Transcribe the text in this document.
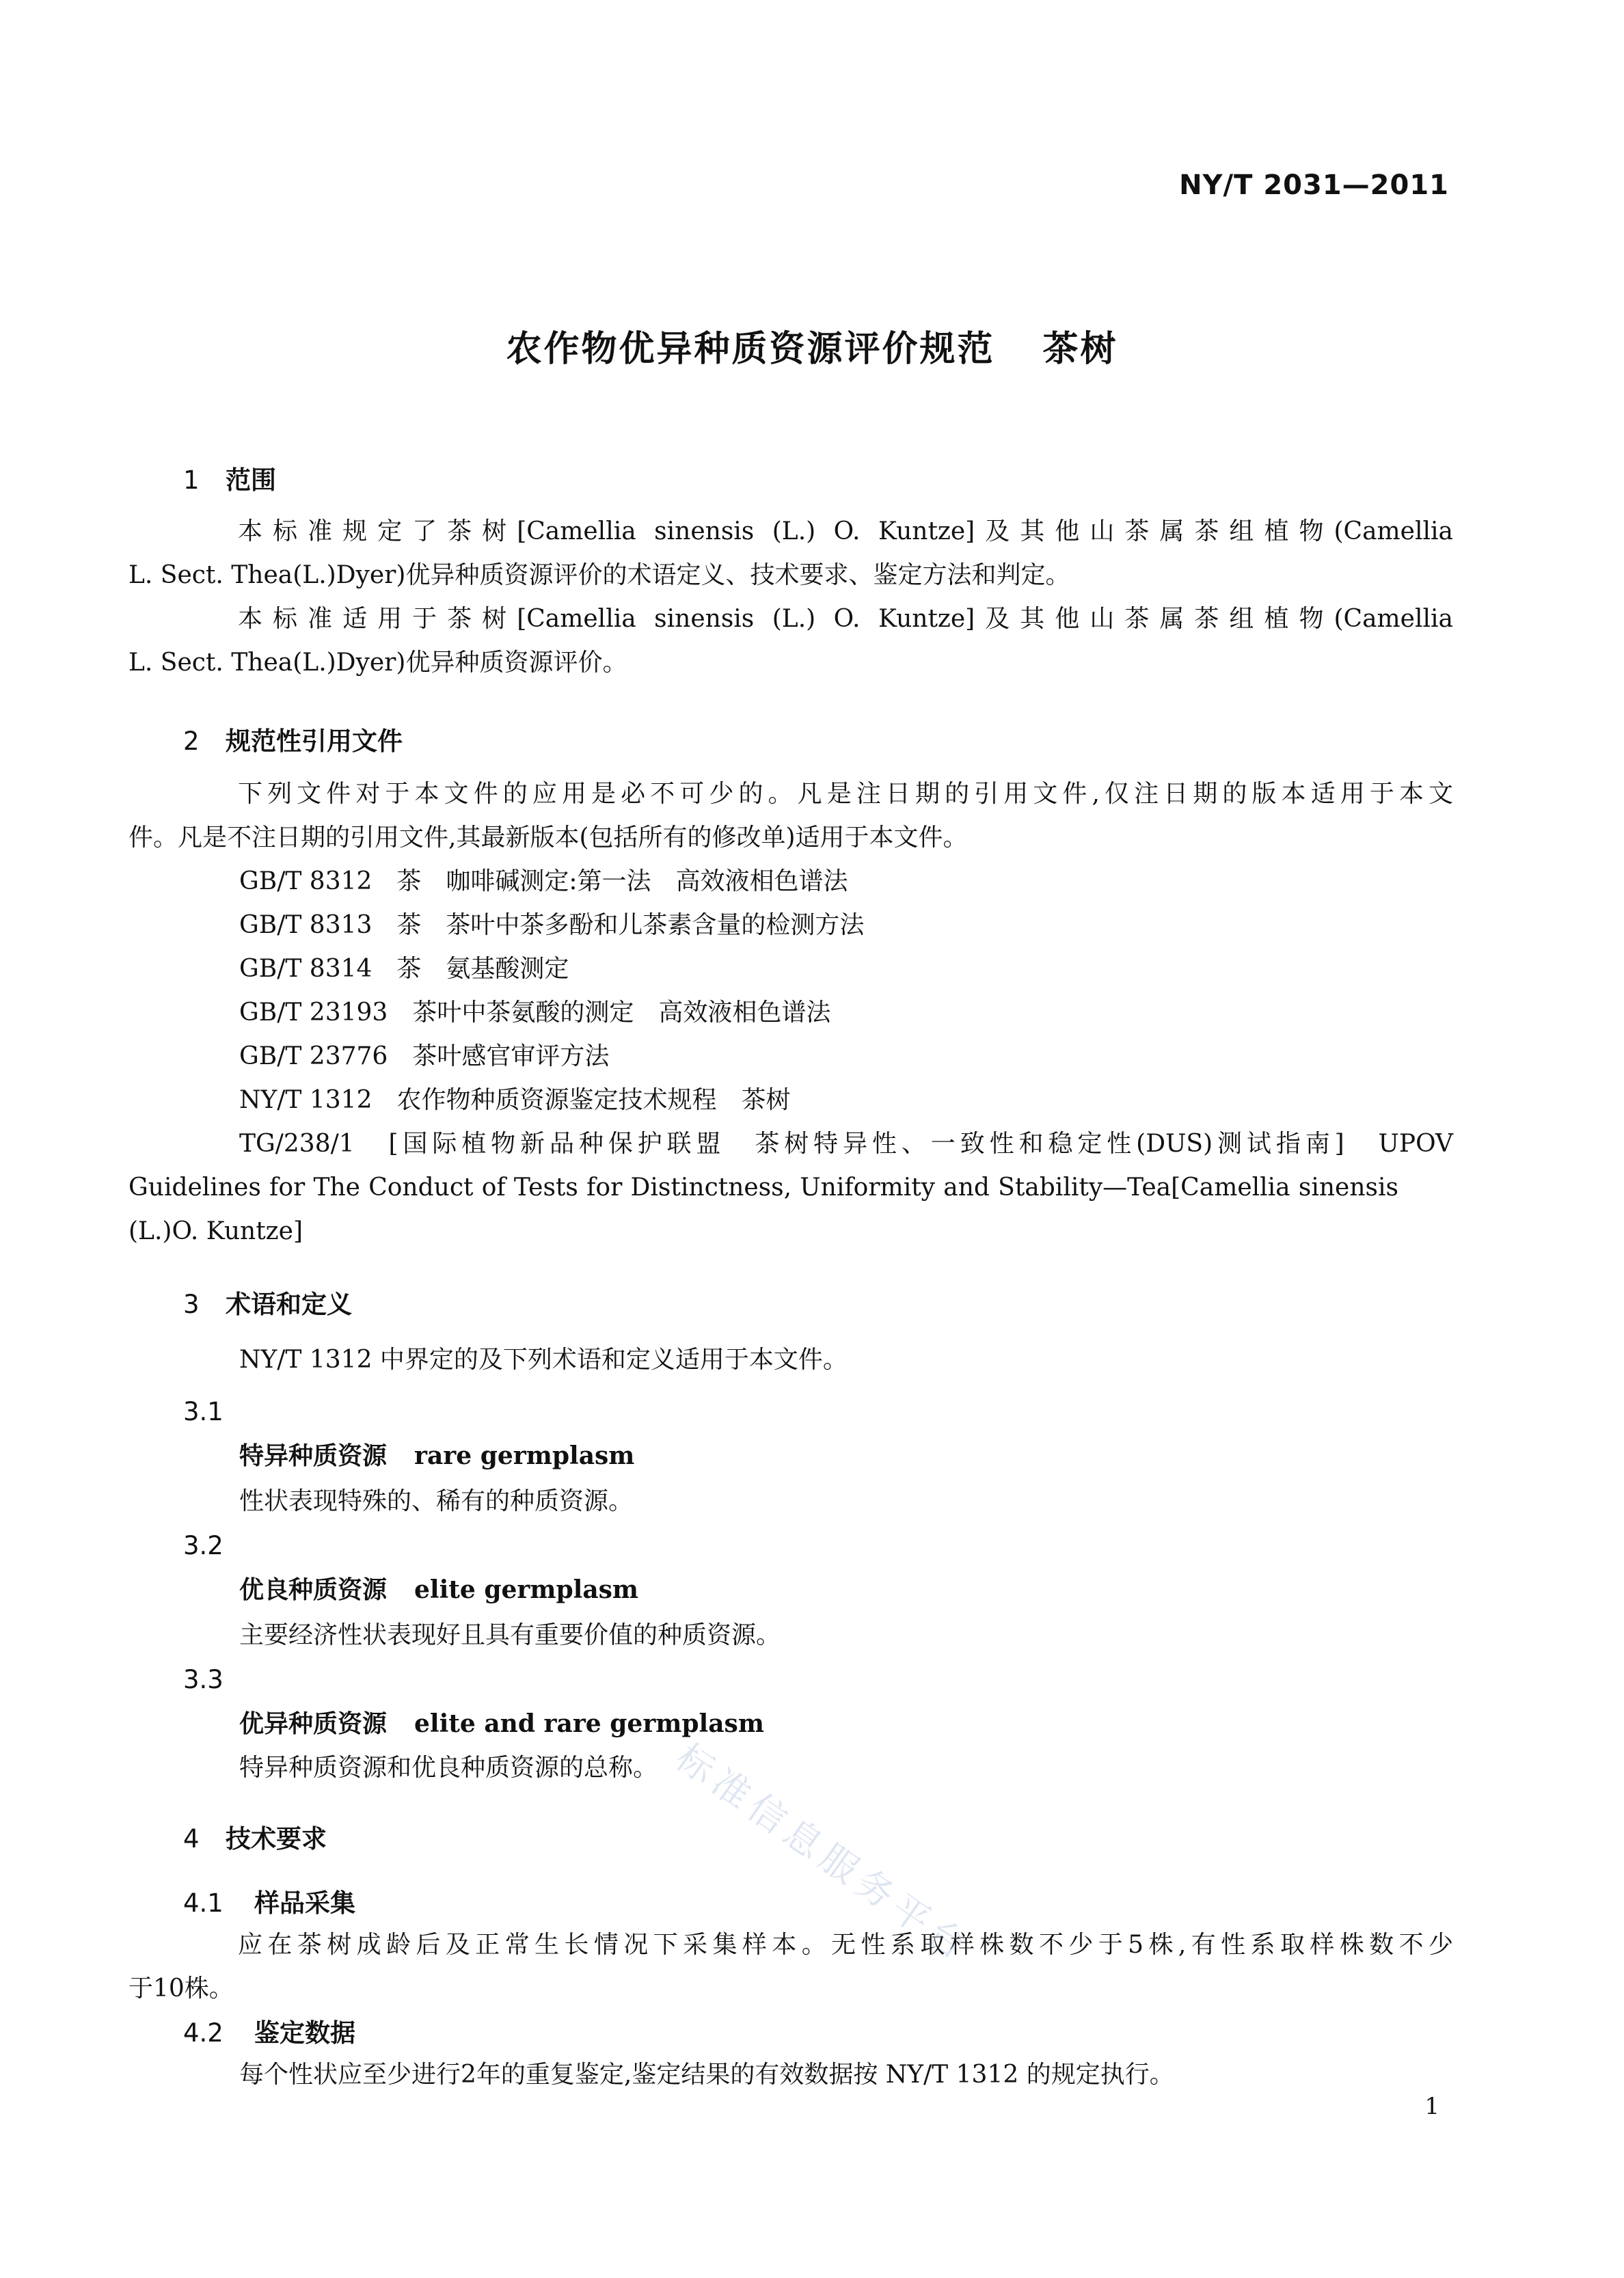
NY/T 2031—2011
农作物优异种质资源评价规范 茶树
1 范围
本标准规定了茶树[Camellia sinensis (L.) O. Kuntze]及其他山茶属茶组植物(Camellia
L. Sect. Thea(L.)Dyer)优异种质资源评价的术语定义、技术要求、鉴定方法和判定。
本标准适用于茶树[Camellia sinensis (L.) O. Kuntze]及其他山茶属茶组植物(Camellia
L. Sect. Thea(L.)Dyer)优异种质资源评价。
2 规范性引用文件
下列文件对于本文件的应用是必不可少的。凡是注日期的引用文件,仅注日期的版本适用于本文
件。凡是不注日期的引用文件,其最新版本(包括所有的修改单)适用于本文件。
GB/T 8312　茶　咖啡碱测定:第一法　高效液相色谱法
GB/T 8313　茶　茶叶中茶多酚和儿茶素含量的检测方法
GB/T 8314　茶　氨基酸测定
GB/T 23193　茶叶中茶氨酸的测定　高效液相色谱法
GB/T 23776　茶叶感官审评方法
NY/T 1312　农作物种质资源鉴定技术规程　茶树
TG/238/1　[国际植物新品种保护联盟　茶树特异性、一致性和稳定性(DUS)测试指南]　UPOV
Guidelines for The Conduct of Tests for Distinctness, Uniformity and Stability—Tea[Camellia sinensis
(L.)O. Kuntze]
3 术语和定义
NY/T 1312 中界定的及下列术语和定义适用于本文件。
3.1
特异种质资源 rare germplasm
性状表现特殊的、稀有的种质资源。
3.2
优良种质资源 elite germplasm
主要经济性状表现好且具有重要价值的种质资源。
3.3
优异种质资源 elite and rare germplasm
特异种质资源和优良种质资源的总称。
4 技术要求
4.1 样品采集
应在茶树成龄后及正常生长情况下采集样本。无性系取样株数不少于5株,有性系取样株数不少
于10株。
4.2 鉴定数据
每个性状应至少进行2年的重复鉴定,鉴定结果的有效数据按 NY/T 1312 的规定执行。
1
标准信息服务平台
